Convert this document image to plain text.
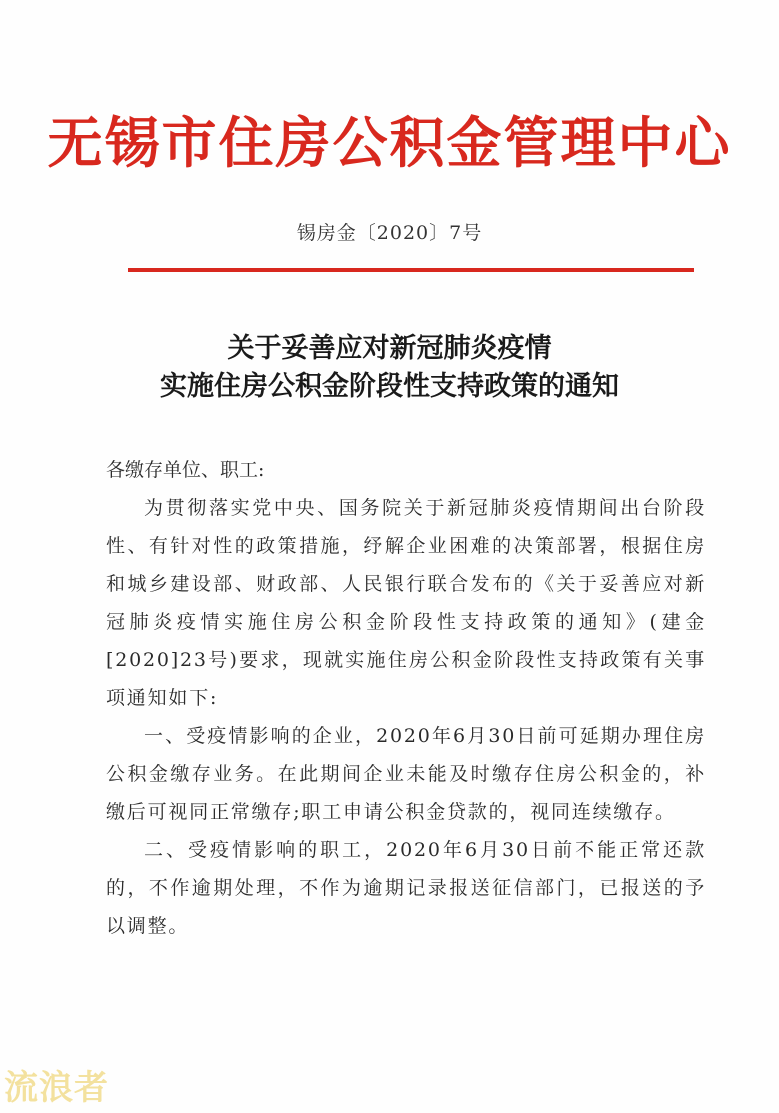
无锡市住房公积金管理中心
锡房金〔2020〕7号
关于妥善应对新冠肺炎疫情
实施住房公积金阶段性支持政策的通知

各缴存单位、职工:

为贯彻落实党中央、国务院关于新冠肺炎疫情期间出台阶段性、有针对性的政策措施，纾解企业困难的决策部署，根据住房和城乡建设部、财政部、人民银行联合发布的《关于妥善应对新冠肺炎疫情实施住房公积金阶段性支持政策的通知》(建金[2020]23号)要求，现就实施住房公积金阶段性支持政策有关事项通知如下:

一、受疫情影响的企业，2020年6月30日前可延期办理住房公积金缴存业务。在此期间企业未能及时缴存住房公积金的，补缴后可视同正常缴存;职工申请公积金贷款的，视同连续缴存。

二、受疫情影响的职工，2020年6月30日前不能正常还款的，不作逾期处理，不作为逾期记录报送征信部门，已报送的予以调整。

流浪者
